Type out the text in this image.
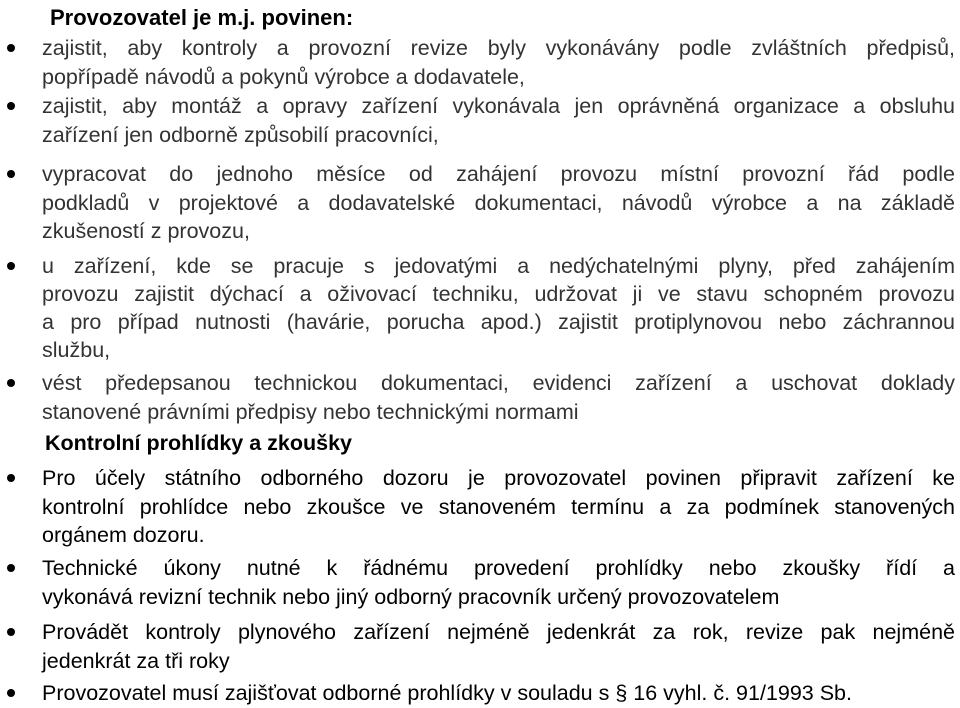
Provozovatel je m.j. povinen:
zajistit, aby kontroly a provozní revize byly vykonávány podle zvláštních předpisů,
popřípadě návodů a pokynů výrobce a dodavatele,
zajistit, aby montáž a opravy zařízení vykonávala jen oprávněná organizace a obsluhu
zařízení jen odborně způsobilí pracovníci,
vypracovat do jednoho měsíce od zahájení provozu místní provozní řád podle
podkladů v projektové a dodavatelské dokumentaci, návodů výrobce a na základě
zkušeností z provozu,
u zařízení, kde se pracuje s jedovatými a nedýchatelnými plyny, před zahájením
provozu zajistit dýchací a oživovací techniku, udržovat ji ve stavu schopném provozu
a pro případ nutnosti (havárie, porucha apod.) zajistit protiplynovou nebo záchrannou
službu,
vést předepsanou technickou dokumentaci, evidenci zařízení a uschovat doklady
stanovené právními předpisy nebo technickými normami
Kontrolní prohlídky a zkoušky
Pro účely státního odborného dozoru je provozovatel povinen připravit zařízení ke
kontrolní prohlídce nebo zkoušce ve stanoveném termínu a za podmínek stanovených
orgánem dozoru.
Technické úkony nutné k řádnému provedení prohlídky nebo zkoušky řídí a
vykonává revizní technik nebo jiný odborný pracovník určený provozovatelem
Provádět kontroly plynového zařízení nejméně jedenkrát za rok, revize pak nejméně
jedenkrát za tři roky
Provozovatel musí zajišťovat odborné prohlídky v souladu s § 16 vyhl. č. 91/1993 Sb.
